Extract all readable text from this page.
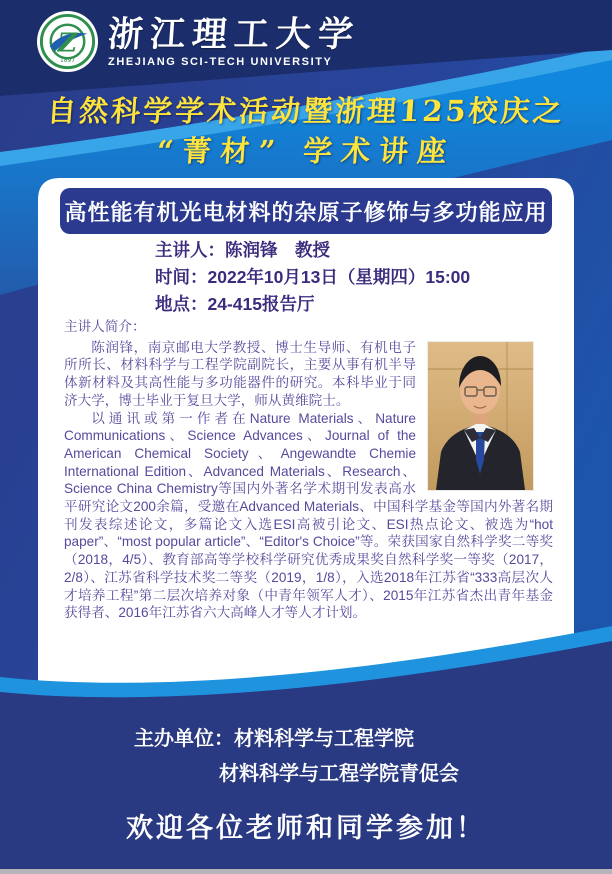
Z
1897
浙江理工大学
ZHEJIANG SCI-TECH UNIVERSITY
自然科学学术活动暨浙理125校庆之
“菁材” 学术讲座
高性能有机光电材料的杂原子修饰与多功能应用
主讲人：陈润锋　教授
时间：2022年10月13日（星期四）15:00
地点：24-415报告厅
主讲人简介：

陈润锋，南京邮电大学教授、博士生导师、有机电子所所长、材料科学与工程学院副院长，主要从事有机半导体新材料及其高性能与多功能器件的研究。本科毕业于同济大学，博士毕业于复旦大学，师从黄维院士。

以通讯或第一作者在Nature Materials、Nature Communications、Science Advances、Journal of the American Chemical Society、Angewandte Chemie International Edition、Advanced Materials、Research、Science China Chemistry等国内外著名学术期刊发表高水平研究论文200余篇，受邀在Advanced Materials、中国科学基金等国内外著名期刊发表综述论文，多篇论文入选ESI高被引论文、ESI热点论文、被选为“hot paper”、“most popular article”、“Editor's Choice”等。荣获国家自然科学奖二等奖（2018，4/5）、教育部高等学校科学研究优秀成果奖自然科学奖一等奖（2017，2/8）、江苏省科学技术奖二等奖（2019，1/8），入选2018年江苏省“333高层次人才培养工程”第二层次培养对象（中青年领军人才）、2015年江苏省杰出青年基金获得者、2016年江苏省六大高峰人才等人才计划。

主办单位：材料科学与工程学院
材料科学与工程学院青促会
欢迎各位老师和同学参加！
